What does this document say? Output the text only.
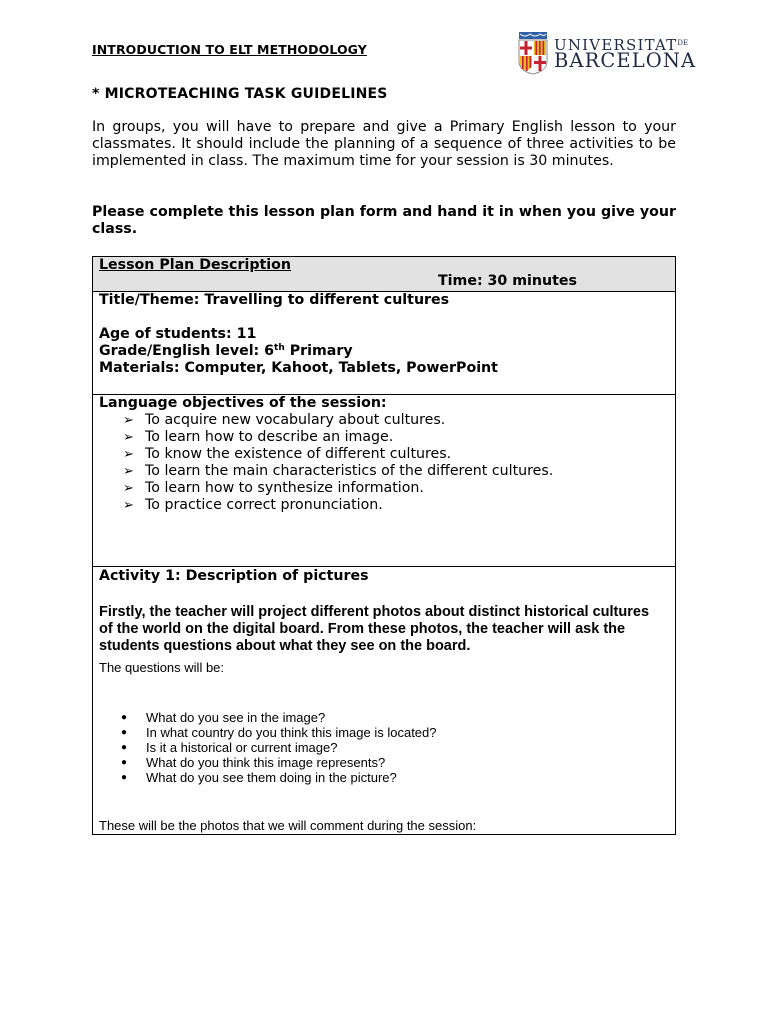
INTRODUCTION TO ELT METHODOLOGY	$UNIVERSITAT^{DE}$
BARCELONA
* MICROTEACHING TASK GUIDELINES
In groups, you will have to prepare and give a Primary English lesson to your classmates. It should include the planning of a sequence of three activities to be implemented in class. The maximum time for your session is 30 minutes.
Please complete this lesson plan form and hand it in when you give your class.
Lesson Plan Description
Time: 30 minutes
Title/Theme: Travelling to different cultures
Age of students: 11
Grade/English level: 6th Primary
Materials: Computer, Kahoot, Tablets, PowerPoint
Language objectives of the session:
➢ To acquire new vocabulary about cultures.
➢ To learn how to describe an image.
➢ To know the existence of different cultures.
➢ To learn the main characteristics of the different cultures.
➢ To learn how to synthesize information.
➢ To practice correct pronunciation.
Activity 1: Description of pictures
Firstly, the teacher will project different photos about distinct historical cultures of the world on the digital board. From these photos, the teacher will ask the students questions about what they see on the board.
The questions will be:
● What do you see in the image?
● In what country do you think this image is located?
● Is it a historical or current image?
● What do you think this image represents?
● What do you see them doing in the picture?
These will be the photos that we will comment during the session:
